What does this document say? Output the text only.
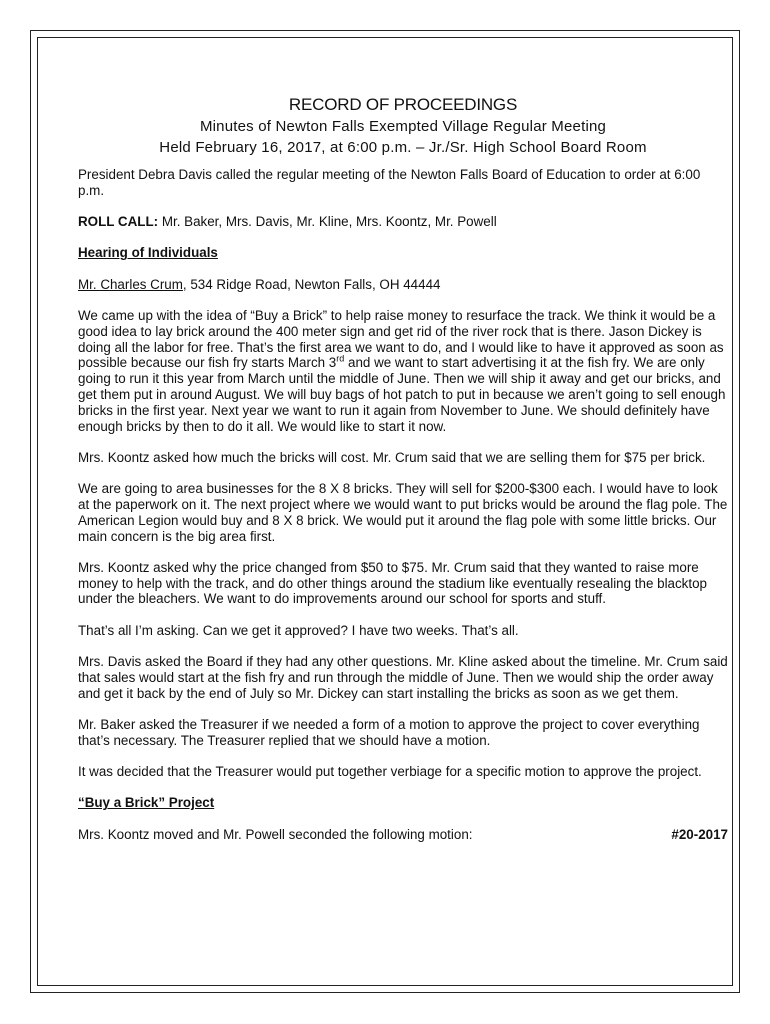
RECORD OF PROCEEDINGS
Minutes of Newton Falls Exempted Village Regular Meeting
Held February 16, 2017, at 6:00 p.m. – Jr./Sr. High School Board Room

President Debra Davis called the regular meeting of the Newton Falls Board of Education to order at 6:00 p.m.

ROLL CALL: Mr. Baker, Mrs. Davis, Mr. Kline, Mrs. Koontz, Mr. Powell

Hearing of Individuals

Mr. Charles Crum, 534 Ridge Road, Newton Falls, OH 44444

We came up with the idea of “Buy a Brick” to help raise money to resurface the track. We think it would be a good idea to lay brick around the 400 meter sign and get rid of the river rock that is there. Jason Dickey is doing all the labor for free. That’s the first area we want to do, and I would like to have it approved as soon as possible because our fish fry starts March 3rd and we want to start advertising it at the fish fry. We are only going to run it this year from March until the middle of June. Then we will ship it away and get our bricks, and get them put in around August. We will buy bags of hot patch to put in because we aren’t going to sell enough bricks in the first year. Next year we want to run it again from November to June. We should definitely have enough bricks by then to do it all. We would like to start it now.

Mrs. Koontz asked how much the bricks will cost. Mr. Crum said that we are selling them for $75 per brick.

We are going to area businesses for the 8 X 8 bricks. They will sell for $200-$300 each. I would have to look at the paperwork on it. The next project where we would want to put bricks would be around the flag pole. The American Legion would buy and 8 X 8 brick. We would put it around the flag pole with some little bricks. Our main concern is the big area first.

Mrs. Koontz asked why the price changed from $50 to $75. Mr. Crum said that they wanted to raise more money to help with the track, and do other things around the stadium like eventually resealing the blacktop under the bleachers. We want to do improvements around our school for sports and stuff.

That’s all I’m asking. Can we get it approved? I have two weeks. That’s all.

Mrs. Davis asked the Board if they had any other questions. Mr. Kline asked about the timeline. Mr. Crum said that sales would start at the fish fry and run through the middle of June. Then we would ship the order away and get it back by the end of July so Mr. Dickey can start installing the bricks as soon as we get them.

Mr. Baker asked the Treasurer if we needed a form of a motion to approve the project to cover everything that’s necessary. The Treasurer replied that we should have a motion.

It was decided that the Treasurer would put together verbiage for a specific motion to approve the project.

“Buy a Brick” Project

Mrs. Koontz moved and Mr. Powell seconded the following motion:	#20-2017
